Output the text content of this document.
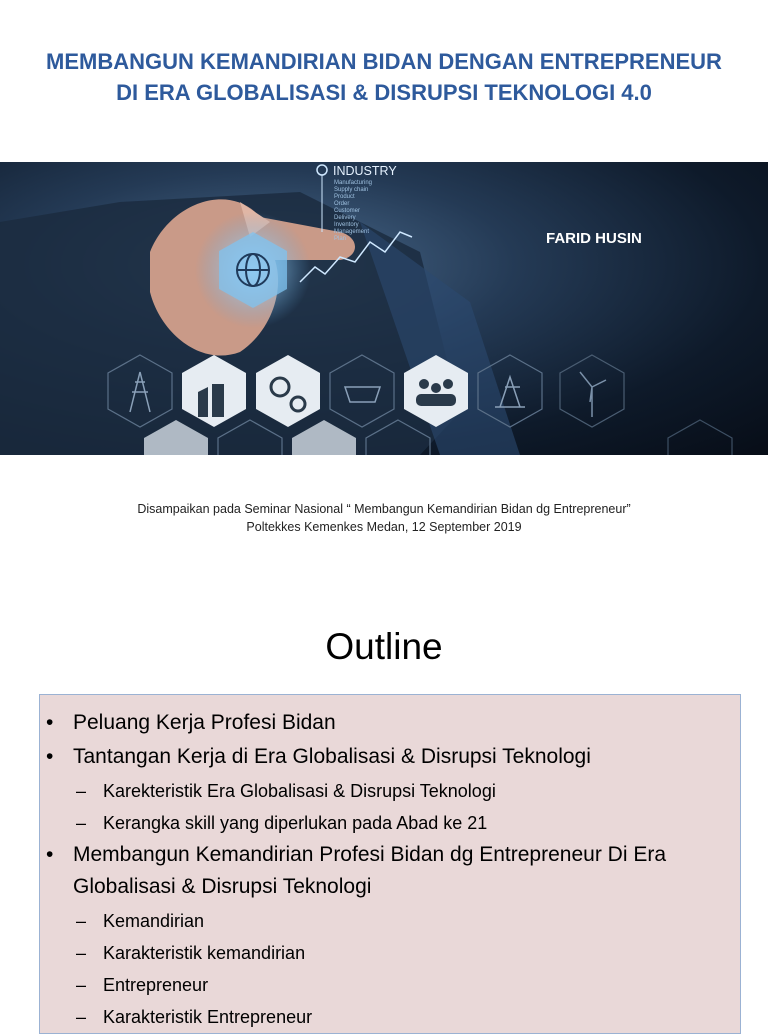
MEMBANGUN KEMANDIRIAN BIDAN DENGAN ENTREPRENEUR
DI ERA GLOBALISASI & DISRUPSI TEKNOLOGI 4.0
INDUSTRY
Manufacturing
Supply chain
Product
Order
Customer
Delivery
Inventory
Management
Plan	FARID HUSIN
Disampaikan pada Seminar Nasional “ Membangun Kemandirian Bidan dg Entrepreneur”
Poltekkes Kemenkes Medan, 12 September 2019
Outline
• Peluang Kerja Profesi Bidan
• Tantangan Kerja di Era Globalisasi & Disrupsi Teknologi
– Karekteristik Era Globalisasi & Disrupsi Teknologi
– Kerangka skill yang diperlukan pada Abad ke 21
• Membangun Kemandirian Profesi Bidan dg Entrepreneur Di Era Globalisasi & Disrupsi Teknologi
– Kemandirian
– Karakteristik kemandirian
– Entrepreneur
– Karakteristik Entrepreneur
